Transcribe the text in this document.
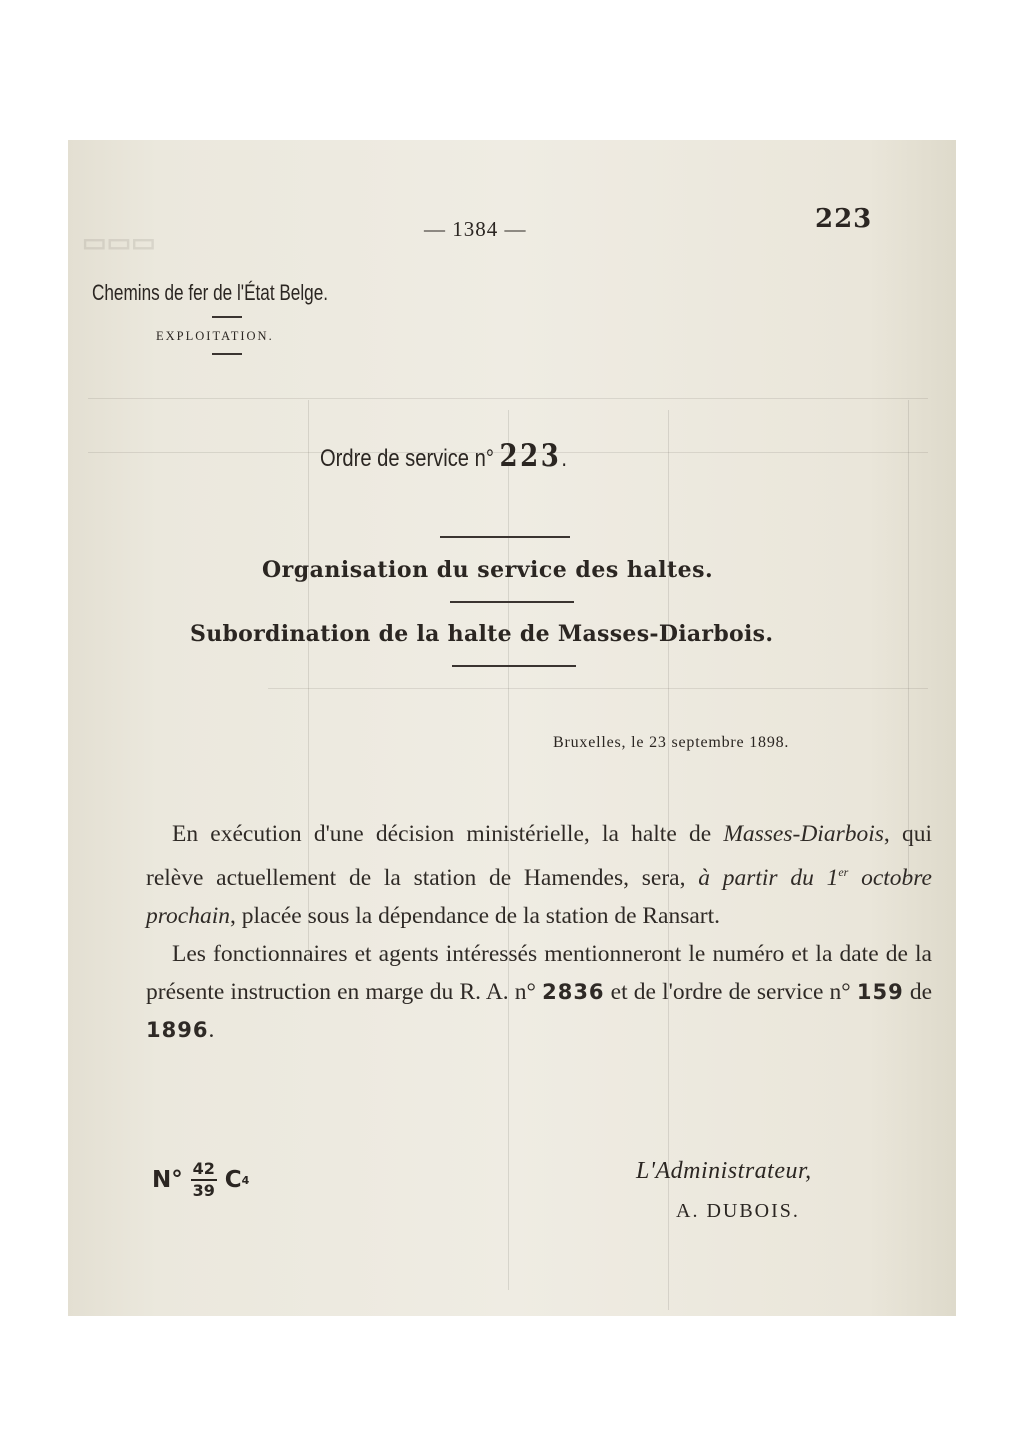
▭▭▭	— 1384 —	223
Chemins de fer de l'État Belge.
EXPLOITATION.
Ordre de service n° 223.
Organisation du service des haltes.
Subordination de la halte de Masses-Diarbois.
Bruxelles, le 23 septembre 1898.

En exécution d'une décision ministérielle, la halte de Masses-Diarbois, qui relève actuellement de la station de Hamendes, sera, à partir du 1er octobre prochain, placée sous la dépendance de la station de Ransart.

Les fonctionnaires et agents intéressés mentionneront le numéro et la date de la présente instruction en marge du R. A. n° 2836 et de l'ordre de service n° 159 de 1896.

$N^\circ \frac{42}{39}$ C 4	L'Administrateur,
A. DUBOIS.
